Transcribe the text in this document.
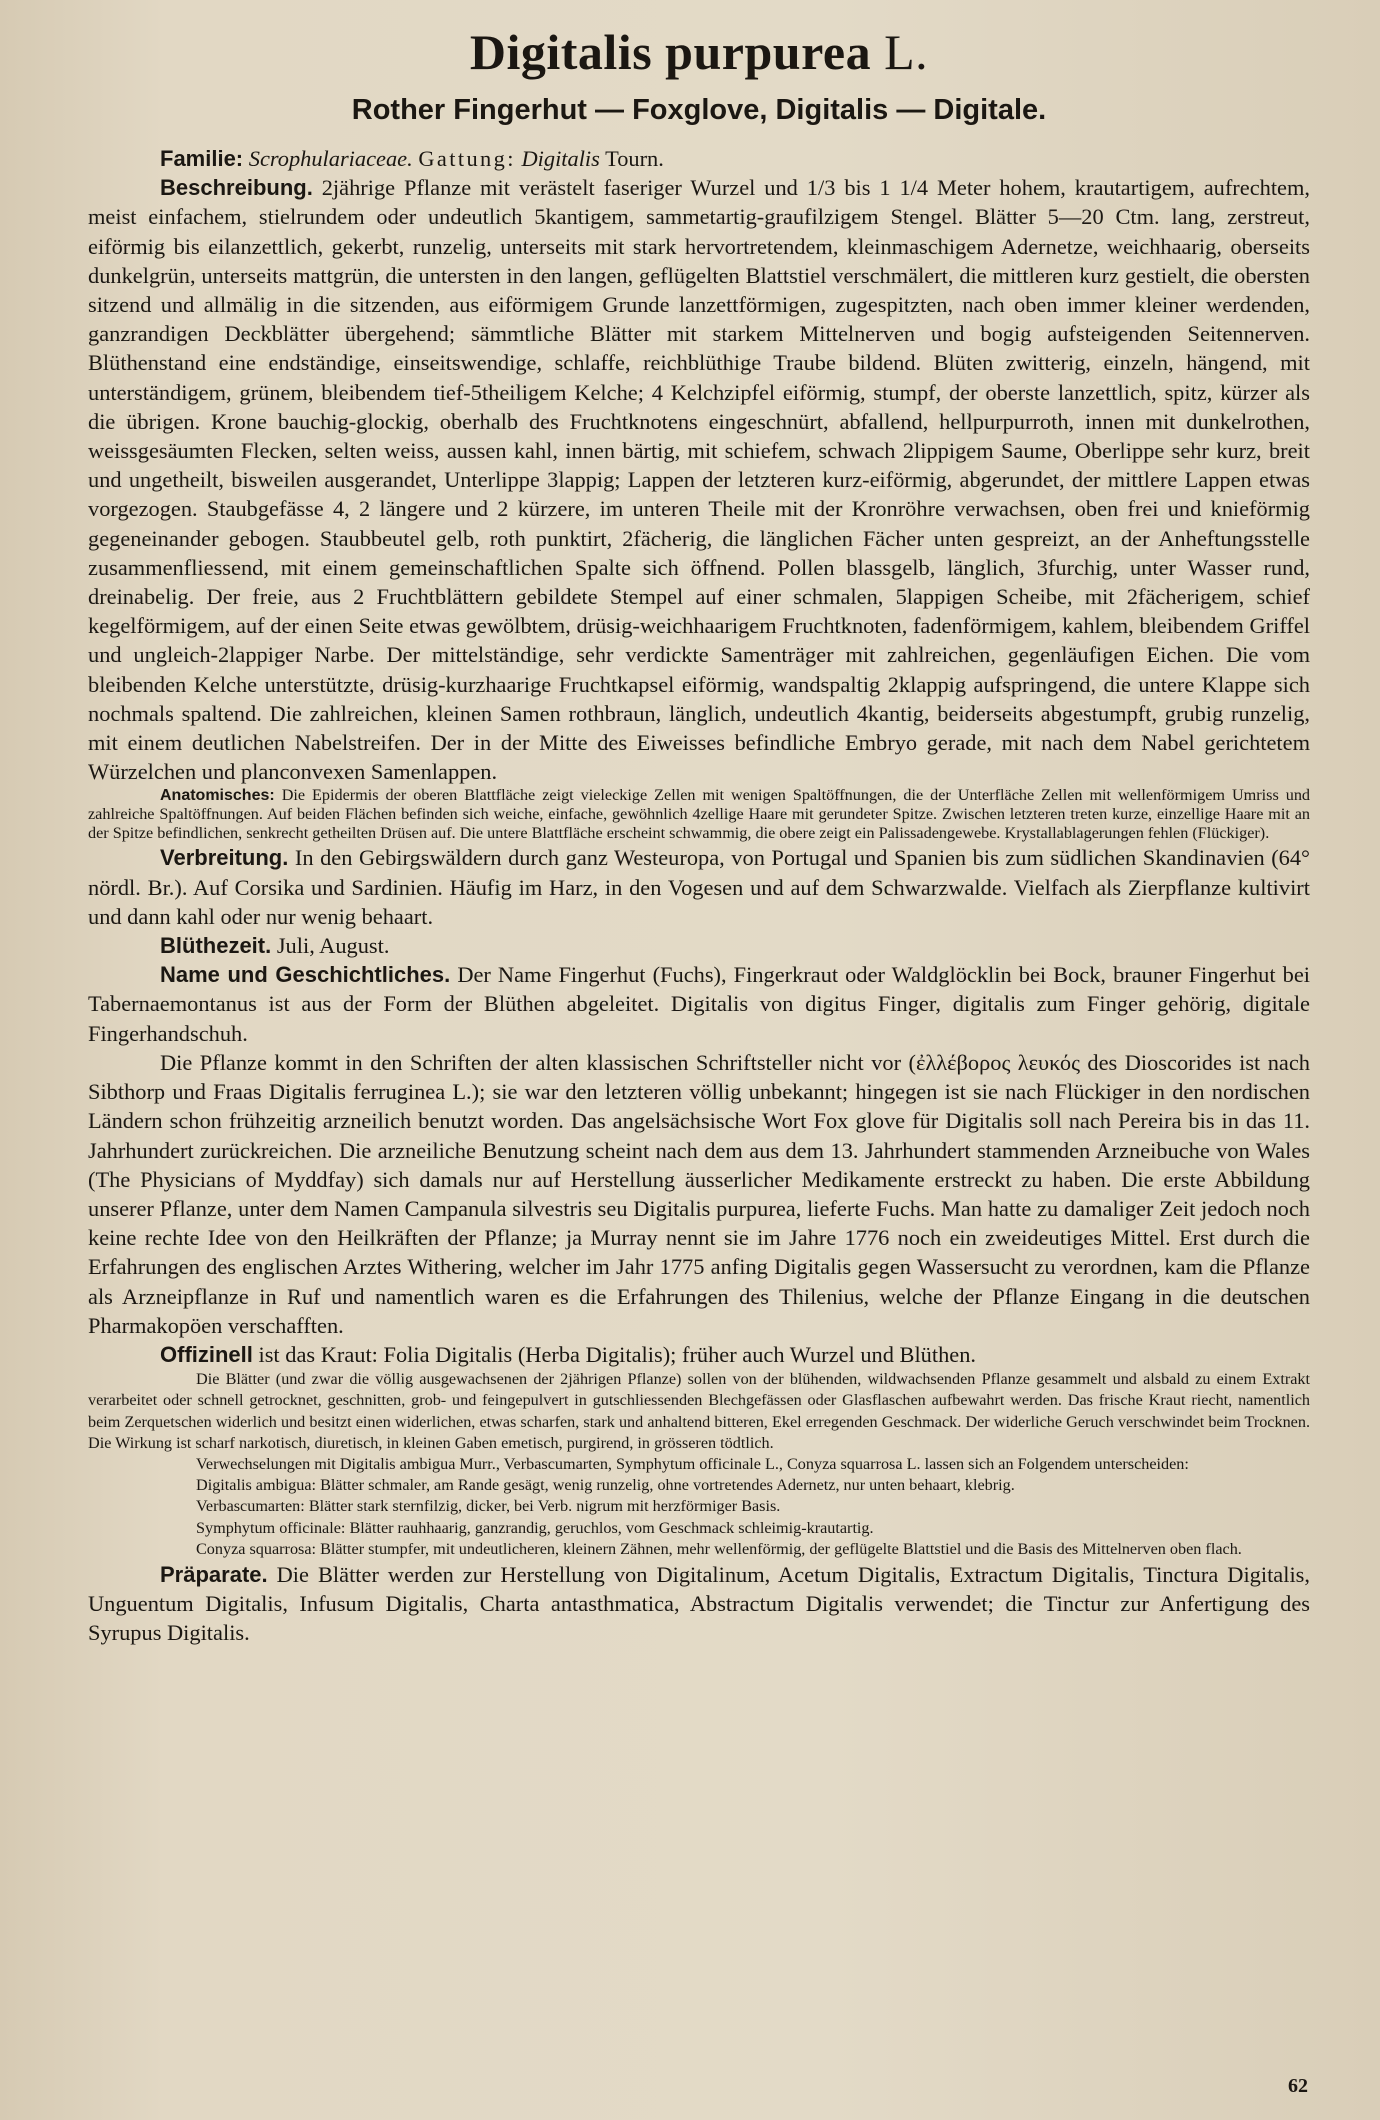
Digitalis purpurea L.
Rother Fingerhut — Foxglove, Digitalis — Digitale.

Familie: Scrophulariaceae. Gattung: Digitalis Tourn.

Beschreibung. 2jährige Pflanze mit verästelt faseriger Wurzel und 1/3 bis 1 1/4 Meter hohem, krautartigem, aufrechtem, meist einfachem, stielrundem oder undeutlich 5kantigem, sammetartig-graufilzigem Stengel. Blätter 5—20 Ctm. lang, zerstreut, eiförmig bis eilanzettlich, gekerbt, runzelig, unterseits mit stark hervortretendem, kleinmaschigem Adernetze, weichhaarig, oberseits dunkelgrün, unterseits mattgrün, die untersten in den langen, geflügelten Blattstiel verschmälert, die mittleren kurz gestielt, die obersten sitzend und allmälig in die sitzenden, aus eiförmigem Grunde lanzettförmigen, zugespitzten, nach oben immer kleiner werdenden, ganzrandigen Deckblätter übergehend; sämmtliche Blätter mit starkem Mittelnerven und bogig aufsteigenden Seitennerven. Blüthenstand eine endständige, einseitswendige, schlaffe, reichblüthige Traube bildend. Blüten zwitterig, einzeln, hängend, mit unterständigem, grünem, bleibendem tief-5theiligem Kelche; 4 Kelchzipfel eiförmig, stumpf, der oberste lanzettlich, spitz, kürzer als die übrigen. Krone bauchig-glockig, oberhalb des Fruchtknotens eingeschnürt, abfallend, hellpurpurroth, innen mit dunkelrothen, weissgesäumten Flecken, selten weiss, aussen kahl, innen bärtig, mit schiefem, schwach 2lippigem Saume, Oberlippe sehr kurz, breit und ungetheilt, bisweilen ausgerandet, Unterlippe 3lappig; Lappen der letzteren kurz-eiförmig, abgerundet, der mittlere Lappen etwas vorgezogen. Staubgefässe 4, 2 längere und 2 kürzere, im unteren Theile mit der Kronröhre verwachsen, oben frei und knieförmig gegeneinander gebogen. Staubbeutel gelb, roth punktirt, 2fächerig, die länglichen Fächer unten gespreizt, an der Anheftungsstelle zusammenfliessend, mit einem gemeinschaftlichen Spalte sich öffnend. Pollen blassgelb, länglich, 3furchig, unter Wasser rund, dreinabelig. Der freie, aus 2 Fruchtblättern gebildete Stempel auf einer schmalen, 5lappigen Scheibe, mit 2fächerigem, schief kegelförmigem, auf der einen Seite etwas gewölbtem, drüsig-weichhaarigem Fruchtknoten, fadenförmigem, kahlem, bleibendem Griffel und ungleich-2lappiger Narbe. Der mittelständige, sehr verdickte Samenträger mit zahlreichen, gegenläufigen Eichen. Die vom bleibenden Kelche unterstützte, drüsig-kurzhaarige Fruchtkapsel eiförmig, wandspaltig 2klappig aufspringend, die untere Klappe sich nochmals spaltend. Die zahlreichen, kleinen Samen rothbraun, länglich, undeutlich 4kantig, beiderseits abgestumpft, grubig runzelig, mit einem deutlichen Nabelstreifen. Der in der Mitte des Eiweisses befindliche Embryo gerade, mit nach dem Nabel gerichtetem Würzelchen und planconvexen Samenlappen.

Anatomisches: Die Epidermis der oberen Blattfläche zeigt vieleckige Zellen mit wenigen Spaltöffnungen, die der Unterfläche Zellen mit wellenförmigem Umriss und zahlreiche Spaltöffnungen. Auf beiden Flächen befinden sich weiche, einfache, gewöhnlich 4zellige Haare mit gerundeter Spitze. Zwischen letzteren treten kurze, einzellige Haare mit an der Spitze befindlichen, senkrecht getheilten Drüsen auf. Die untere Blattfläche erscheint schwammig, die obere zeigt ein Palissadengewebe. Krystallablagerungen fehlen (Flückiger).

Verbreitung. In den Gebirgswäldern durch ganz Westeuropa, von Portugal und Spanien bis zum südlichen Skandinavien (64° nördl. Br.). Auf Corsika und Sardinien. Häufig im Harz, in den Vogesen und auf dem Schwarzwalde. Vielfach als Zierpflanze kultivirt und dann kahl oder nur wenig behaart.

Blüthezeit. Juli, August.

Name und Geschichtliches. Der Name Fingerhut (Fuchs), Fingerkraut oder Waldglöcklin bei Bock, brauner Fingerhut bei Tabernaemontanus ist aus der Form der Blüthen abgeleitet. Digitalis von digitus Finger, digitalis zum Finger gehörig, digitale Fingerhandschuh.

Die Pflanze kommt in den Schriften der alten klassischen Schriftsteller nicht vor (ἐλλέβορος λευκός des Dioscorides ist nach Sibthorp und Fraas Digitalis ferruginea L.); sie war den letzteren völlig unbekannt; hingegen ist sie nach Flückiger in den nordischen Ländern schon frühzeitig arzneilich benutzt worden. Das angelsächsische Wort Fox glove für Digitalis soll nach Pereira bis in das 11. Jahrhundert zurückreichen. Die arzneiliche Benutzung scheint nach dem aus dem 13. Jahrhundert stammenden Arzneibuche von Wales (The Physicians of Myddfay) sich damals nur auf Herstellung äusserlicher Medikamente erstreckt zu haben. Die erste Abbildung unserer Pflanze, unter dem Namen Campanula silvestris seu Digitalis purpurea, lieferte Fuchs. Man hatte zu damaliger Zeit jedoch noch keine rechte Idee von den Heilkräften der Pflanze; ja Murray nennt sie im Jahre 1776 noch ein zweideutiges Mittel. Erst durch die Erfahrungen des englischen Arztes Withering, welcher im Jahr 1775 anfing Digitalis gegen Wassersucht zu verordnen, kam die Pflanze als Arzneipflanze in Ruf und namentlich waren es die Erfahrungen des Thilenius, welche der Pflanze Eingang in die deutschen Pharmakopöen verschafften.

Offizinell ist das Kraut: Folia Digitalis (Herba Digitalis); früher auch Wurzel und Blüthen.

Die Blätter (und zwar die völlig ausgewachsenen der 2jährigen Pflanze) sollen von der blühenden, wildwachsenden Pflanze gesammelt und alsbald zu einem Extrakt verarbeitet oder schnell getrocknet, geschnitten, grob- und feingepulvert in gutschliessenden Blechgefässen oder Glasflaschen aufbewahrt werden. Das frische Kraut riecht, namentlich beim Zerquetschen widerlich und besitzt einen widerlichen, etwas scharfen, stark und anhaltend bitteren, Ekel erregenden Geschmack. Der widerliche Geruch verschwindet beim Trocknen. Die Wirkung ist scharf narkotisch, diuretisch, in kleinen Gaben emetisch, purgirend, in grösseren tödtlich.

Verwechselungen mit Digitalis ambigua Murr., Verbascumarten, Symphytum officinale L., Conyza squarrosa L. lassen sich an Folgendem unterscheiden:

Digitalis ambigua: Blätter schmaler, am Rande gesägt, wenig runzelig, ohne vortretendes Adernetz, nur unten behaart, klebrig.

Verbascumarten: Blätter stark sternfilzig, dicker, bei Verb. nigrum mit herzförmiger Basis.

Symphytum officinale: Blätter rauhhaarig, ganzrandig, geruchlos, vom Geschmack schleimig-krautartig.

Conyza squarrosa: Blätter stumpfer, mit undeutlicheren, kleinern Zähnen, mehr wellenförmig, der geflügelte Blattstiel und die Basis des Mittelnerven oben flach.

Präparate. Die Blätter werden zur Herstellung von Digitalinum, Acetum Digitalis, Extractum Digitalis, Tinctura Digitalis, Unguentum Digitalis, Infusum Digitalis, Charta antasthmatica, Abstractum Digitalis verwendet; die Tinctur zur Anfertigung des Syrupus Digitalis.

62
